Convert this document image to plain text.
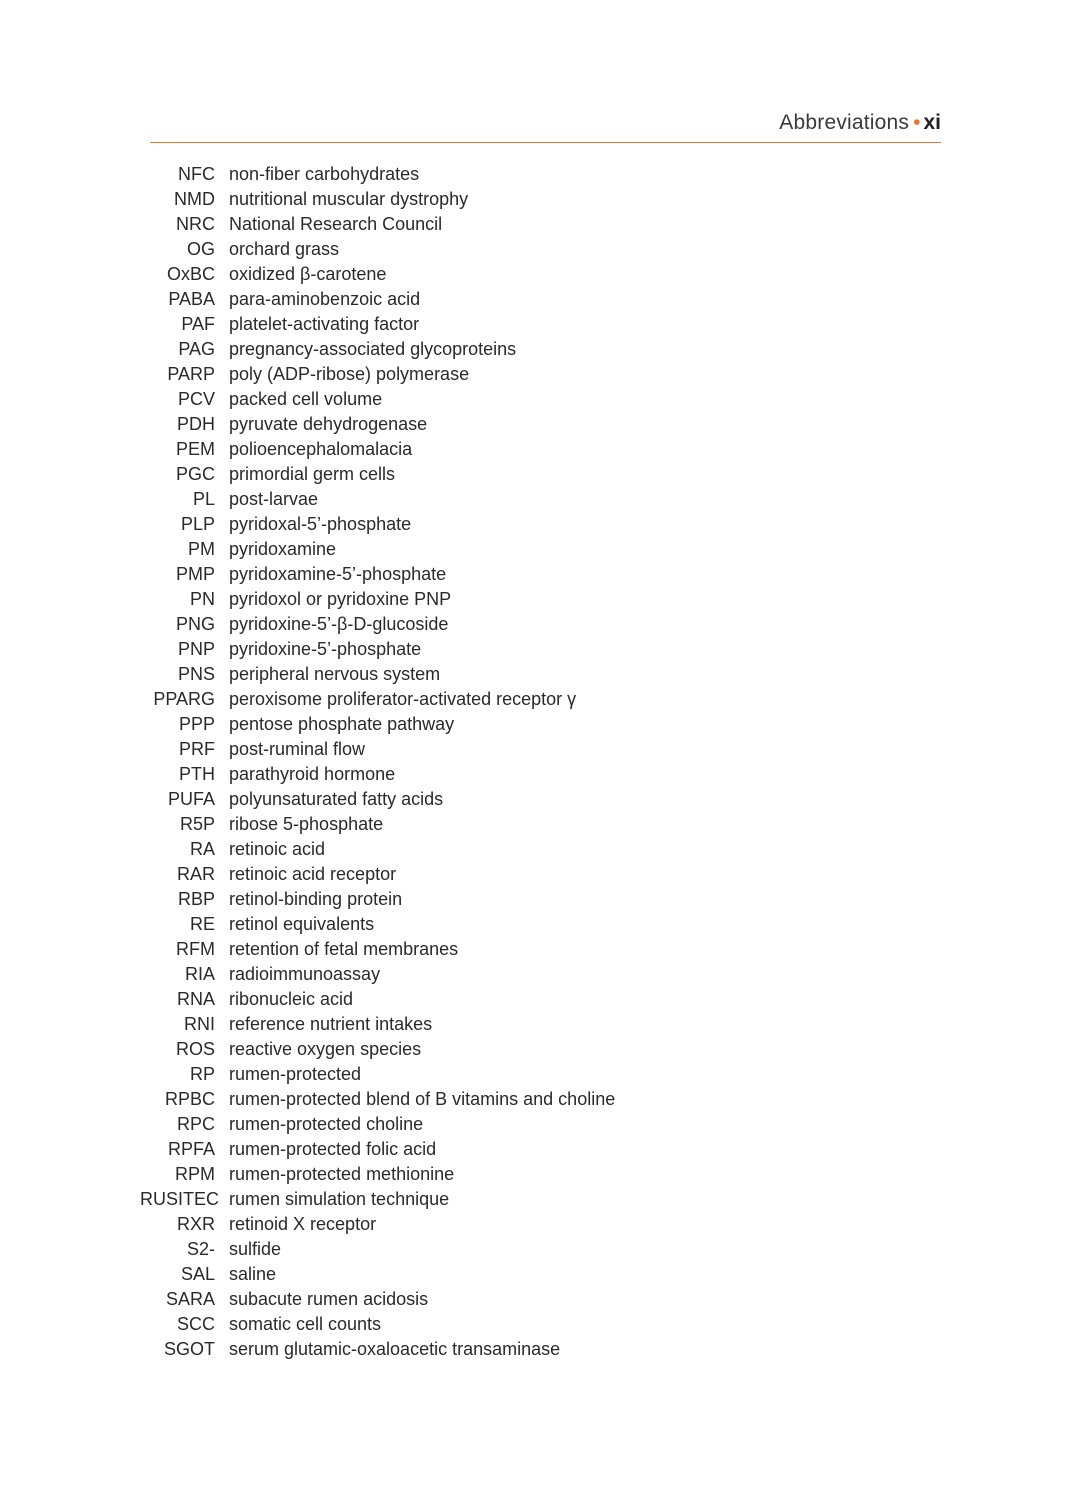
Abbreviations • xi
NFC non-fiber carbohydrates
NMD nutritional muscular dystrophy
NRC National Research Council
OG orchard grass
OxBC oxidized β-carotene
PABA para-aminobenzoic acid
PAF platelet-activating factor
PAG pregnancy-associated glycoproteins
PARP poly (ADP-ribose) polymerase
PCV packed cell volume
PDH pyruvate dehydrogenase
PEM polioencephalomalacia
PGC primordial germ cells
PL post-larvae
PLP pyridoxal-5’-phosphate
PM pyridoxamine
PMP pyridoxamine-5’-phosphate
PN pyridoxol or pyridoxine PNP
PNG pyridoxine-5’-β-D-glucoside
PNP pyridoxine-5’-phosphate
PNS peripheral nervous system
PPARG peroxisome proliferator-activated receptor γ
PPP pentose phosphate pathway
PRF post-ruminal flow
PTH parathyroid hormone
PUFA polyunsaturated fatty acids
R5P ribose 5-phosphate
RA retinoic acid
RAR retinoic acid receptor
RBP retinol-binding protein
RE retinol equivalents
RFM retention of fetal membranes
RIA radioimmunoassay
RNA ribonucleic acid
RNI reference nutrient intakes
ROS reactive oxygen species
RP rumen-protected
RPBC rumen-protected blend of B vitamins and choline
RPC rumen-protected choline
RPFA rumen-protected folic acid
RPM rumen-protected methionine
RUSITEC rumen simulation technique
RXR retinoid X receptor
S2- sulfide
SAL saline
SARA subacute rumen acidosis
SCC somatic cell counts
SGOT serum glutamic-oxaloacetic transaminase
